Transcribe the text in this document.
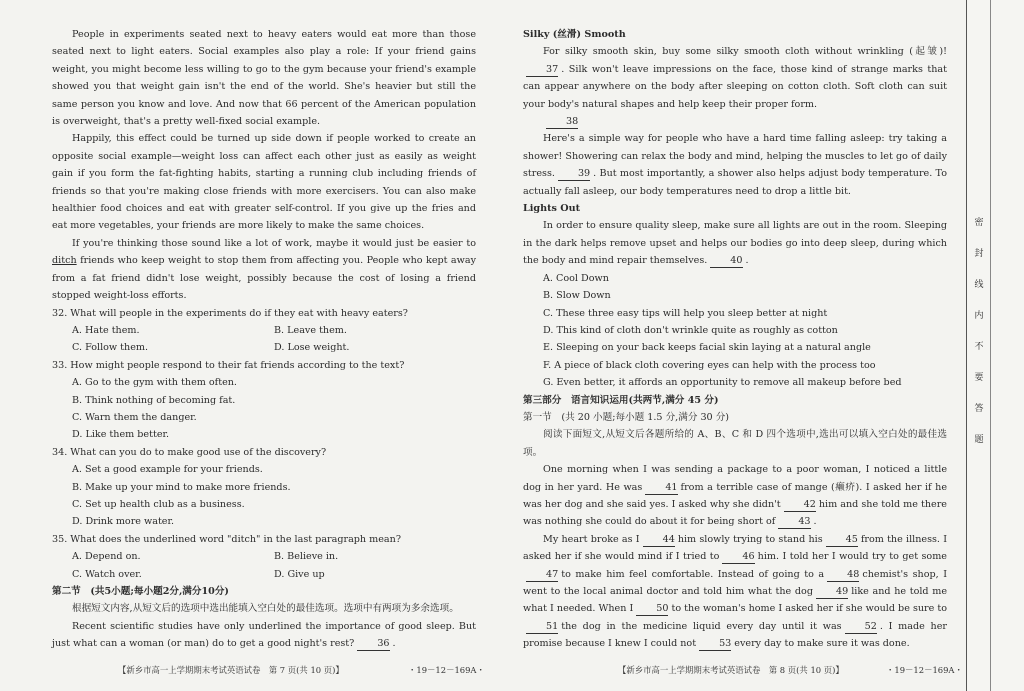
People in experiments seated next to heavy eaters would eat more than those seated next to light eaters. Social examples also play a role: If your friend gains weight, you might become less willing to go to the gym because your friend's example showed you that weight gain isn't the end of the world. She's heavier but still the same person you know and love. And now that 66 percent of the American population is overweight, that's a pretty well-fixed social example.

Happily, this effect could be turned up side down if people worked to create an opposite social example—weight loss can affect each other just as easily as weight gain if you form the fat-fighting habits, starting a running club including friends of friends so that you're making close friends with more exercisers. You can also make healthier food choices and eat with greater self-control. If you give up the fries and eat more vegetables, your friends are more likely to make the same choices.

If you're thinking those sound like a lot of work, maybe it would just be easier to ditch friends who keep weight to stop them from affecting you. People who kept away from a fat friend didn't lose weight, possibly because the cost of losing a friend stopped weight-loss efforts.

32. What will people in the experiments do if they eat with heavy eaters?

A. Hate them.	B. Leave them.
C. Follow them.	D. Lose weight.

33. How might people respond to their fat friends according to the text?

A. Go to the gym with them often.
B. Think nothing of becoming fat.
C. Warn them the danger.
D. Like them better.

34. What can you do to make good use of the discovery?

A. Set a good example for your friends.
B. Make up your mind to make more friends.
C. Set up health club as a business.
D. Drink more water.

35. What does the underlined word "ditch" in the last paragraph mean?

A. Depend on.	B. Believe in.
C. Watch over.	D. Give up

第二节　(共5小题;每小题2分,满分10分)

根据短文内容,从短文后的选项中选出能填入空白处的最佳选项。选项中有两项为多余选项。

Recent scientific studies have only underlined the importance of good sleep. But just what can a woman (or man) do to get a good night's rest? 36 .

Silky (丝滑) Smooth

For silky smooth skin, buy some silky smooth cloth without wrinkling (起皱)!37 . Silk won't leave impressions on the face, those kind of strange marks that can appear anywhere on the body after sleeping on cotton cloth. Soft cloth can suit your body's natural shapes and help keep their proper form.

38

Here's a simple way for people who have a hard time falling asleep: try taking a shower! Showering can relax the body and mind, helping the muscles to let go of daily stress. 39 . But most importantly, a shower also helps adjust body temperature. To actually fall asleep, our body temperatures need to drop a little bit.

Lights Out

In order to ensure quality sleep, make sure all lights are out in the room. Sleeping in the dark helps remove upset and helps our bodies go into deep sleep, during which the body and mind repair themselves. 40 .

A. Cool Down
B. Slow Down
C. These three easy tips will help you sleep better at night
D. This kind of cloth don't wrinkle quite as roughly as cotton
E. Sleeping on your back keeps facial skin laying at a natural angle
F. A piece of black cloth covering eyes can help with the process too
G. Even better, it affords an opportunity to remove all makeup before bed

第三部分　语言知识运用(共两节,满分 45 分)

第一节　(共 20 小题;每小题 1.5 分,满分 30 分)

阅读下面短文,从短文后各题所给的 A、B、C 和 D 四个选项中,选出可以填入空白处的最佳选项。

One morning when I was sending a package to a poor woman, I noticed a little dog in her yard. He was 41 from a terrible case of mange (癞疥). I asked her if he was her dog and she said yes. I asked why she didn't 42 him and she told me there was nothing she could do about it for being short of 43 .

My heart broke as I 44 him slowly trying to stand his 45 from the illness. I asked her if she would mind if I tried to 46 him. I told her I would try to get some47 to make him feel comfortable. Instead of going to a 48 chemist's shop, I went to the local animal doctor and told him what the dog 49 like and he told me what I needed. When I 50 to the woman's home I asked her if she would be sure to51 the dog in the medicine liquid every day until it was 52 . I made her promise because I knew I could not 53 every day to make sure it was done.

【新乡市高一上学期期末考试英语试卷　第 7 页(共 10 页)】	・19－12－169A・	【新乡市高一上学期期末考试英语试卷　第 8 页(共 10 页)】	・19－12－169A・
密
封
线
内
不
要
答
题
